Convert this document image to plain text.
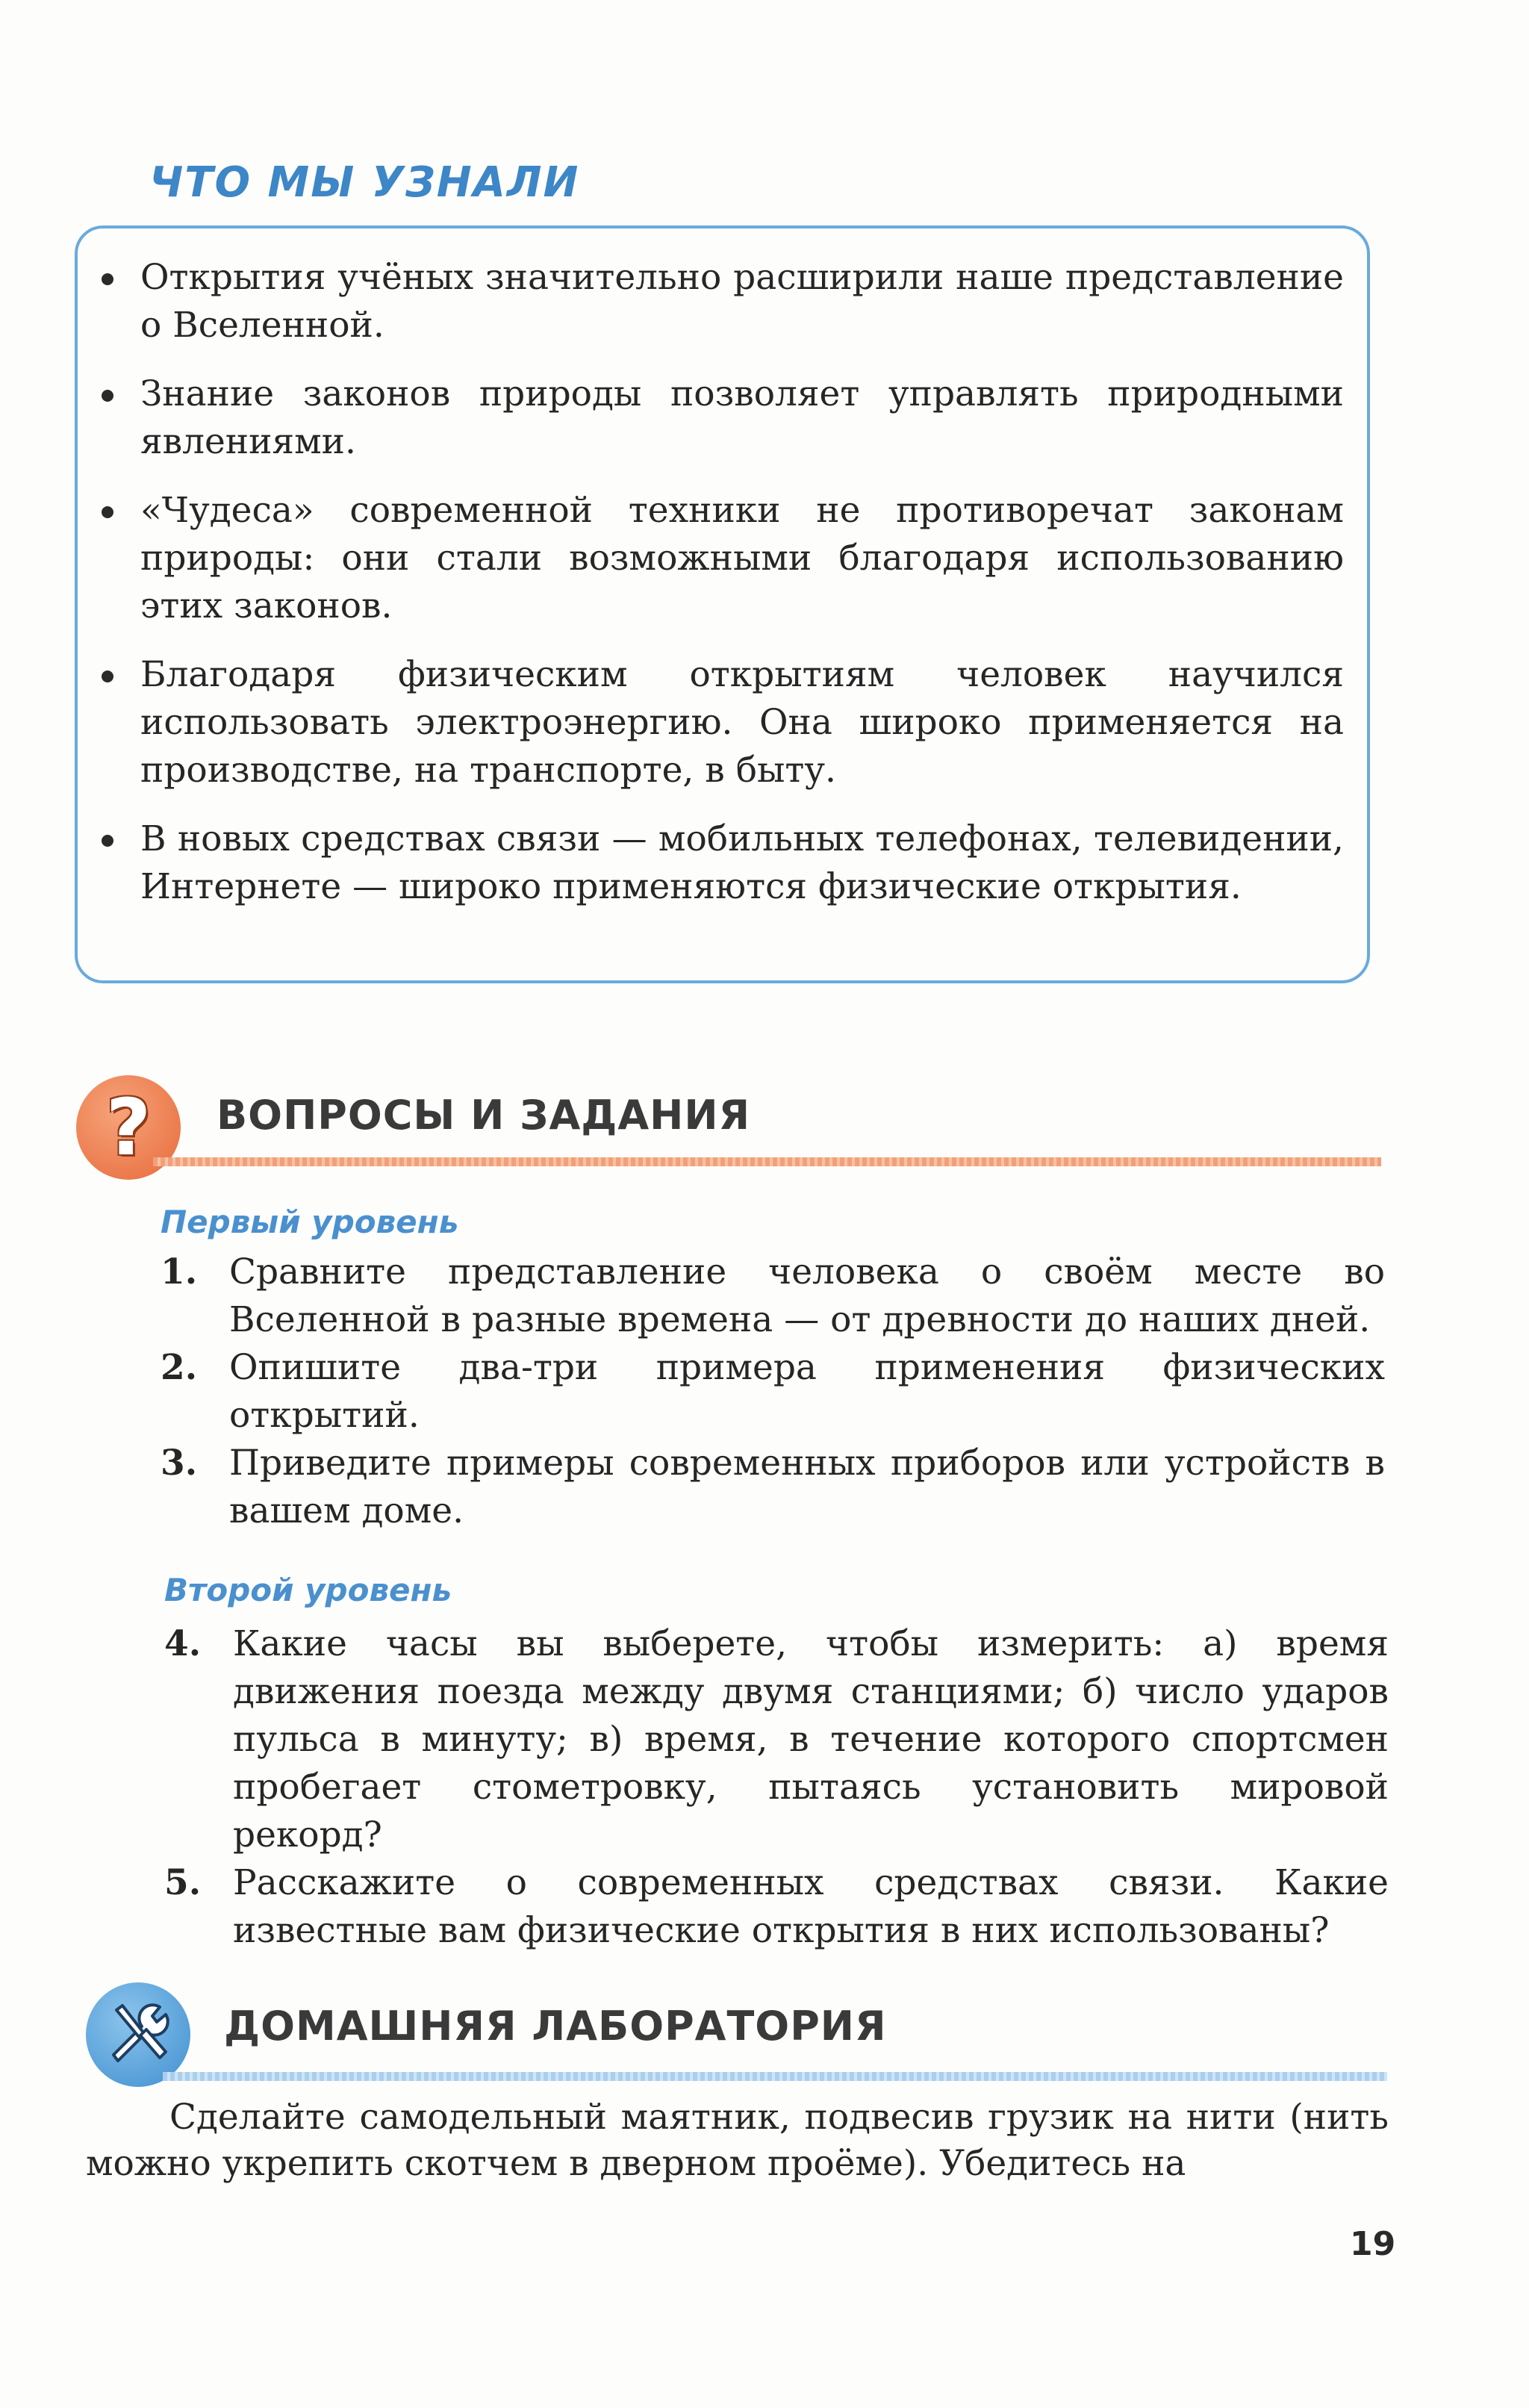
ЧТО МЫ УЗНАЛИ
Открытия учёных значительно расширили наше представление о Вселенной.
Знание законов природы позволяет управлять природными явлениями.
«Чудеса» современной техники не противоречат законам природы: они стали возможными благодаря использованию этих законов.
Благодаря физическим открытиям человек научился использовать электроэнергию. Она широко применяется на производстве, на транспорте, в быту.
В новых средствах связи — мобильных телефонах, телевидении, Интернете — широко применяются физические открытия.
? ВОПРОСЫ И ЗАДАНИЯ
Первый уровень
1. Сравните представление человека о своём месте во Вселенной в разные времена — от древности до наших дней.
2. Опишите два-три примера применения физических открытий.
3. Приведите примеры современных приборов или устройств в вашем доме.
Второй уровень
4. Какие часы вы выберете, чтобы измерить: а) время движения поезда между двумя станциями; б) число ударов пульса в минуту; в) время, в течение которого спортсмен пробегает стометровку, пытаясь установить мировой рекорд?
5. Расскажите о современных средствах связи. Какие известные вам физические открытия в них использованы?
ДОМАШНЯЯ ЛАБОРАТОРИЯ

Сделайте самодельный маятник, подвесив грузик на нити (нить можно укрепить скотчем в дверном проёме). Убедитесь на

19
